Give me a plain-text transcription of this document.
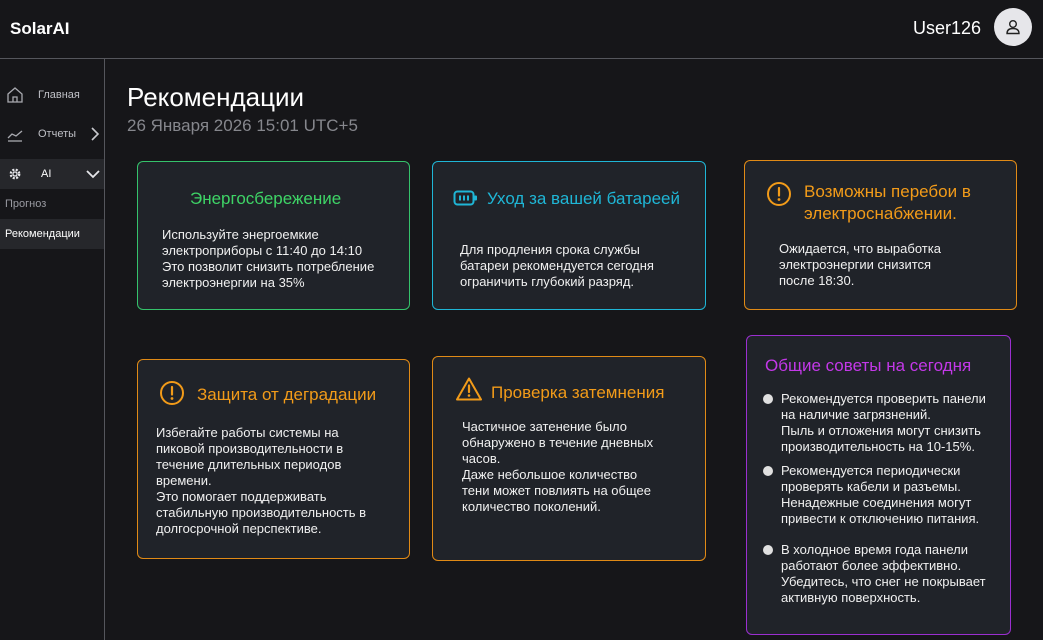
SolarAI	User126
Главная
Отчеты
AI
Прогноз
Рекомендации
Рекомендации
26 Января 2026 15:01 UTC+5
Энергосбережение

Используйте энергоемкие
электроприборы с 11:40 до 14:10
Это позволит снизить потребление
электроэнергии на 35%

Уход за вашей батареей

Для продления срока службы
батареи рекомендуется сегодня
ограничить глубокий разряд.

Возможны перебои в
электроснабжении.

Ожидается, что выработка
электроэнергии снизится
после 18:30.

Защита от деградации

Избегайте работы системы на
пиковой производительности в
течение длительных периодов
времени.
Это помогает поддерживать
стабильную производительность в
долгосрочной перспективе.

Проверка затемнения

Частичное затенение было
обнаружено в течение дневных
часов.
Даже небольшое количество
тени может повлиять на общее
количество поколений.

Общие советы на сегодня
Рекомендуется проверить панели
на наличие загрязнений.
Пыль и отложения могут снизить
производительность на 10-15%.
Рекомендуется периодически
проверять кабели и разъемы.
Ненадежные соединения могут
привести к отключению питания.
В холодное время года панели
работают более эффективно.
Убедитесь, что снег не покрывает
активную поверхность.
